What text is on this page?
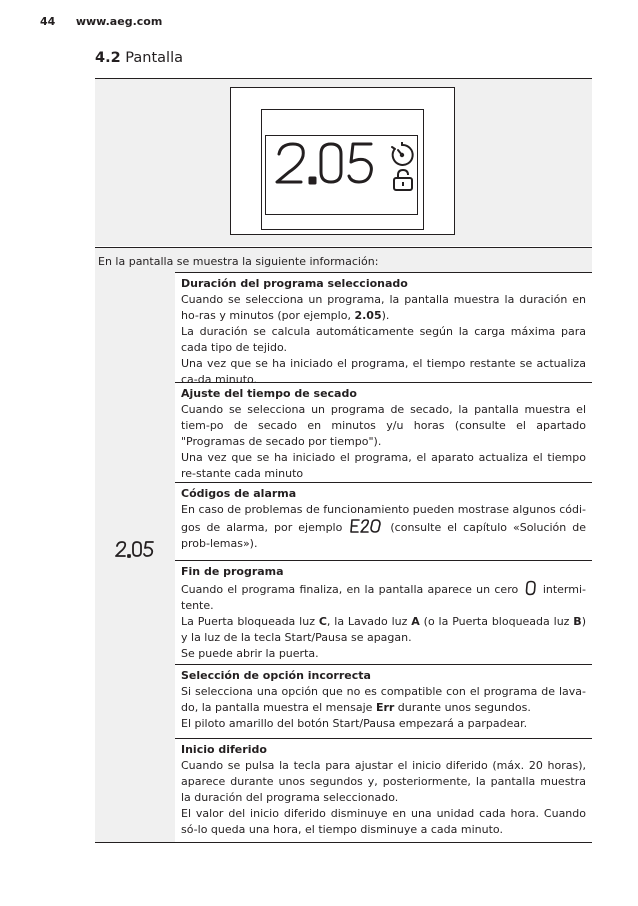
44 www.aeg.com
4.2 Pantalla
En la pantalla se muestra la siguiente información:
Duración del programa seleccionado
Cuando se selecciona un programa, la pantalla muestra la duración en ho-ras y minutos (por ejemplo, 2.05).
La duración se calcula automáticamente según la carga máxima para cada tipo de tejido.
Una vez que se ha iniciado el programa, el tiempo restante se actualiza ca-da minuto.
Ajuste del tiempo de secado
Cuando se selecciona un programa de secado, la pantalla muestra el tiem-po de secado en minutos y/u horas (consulte el apartado "Programas de secado por tiempo").
Una vez que se ha iniciado el programa, el aparato actualiza el tiempo re-stante cada minuto
Códigos de alarma
En caso de problemas de funcionamiento pueden mostrase algunos códi-gos de alarma, por ejemplo	(consulte el capítulo «Solución de prob-lemas»).
Fin de programa
Cuando el programa finaliza, en la pantalla aparece un cero intermi-tente.
La Puerta bloqueada luz C, la Lavado luz A (o la Puerta bloqueada luz B) y la luz de la tecla Start/Pausa se apagan.
Se puede abrir la puerta.
Selección de opción incorrecta
Si selecciona una opción que no es compatible con el programa de lava-do, la pantalla muestra el mensaje Err durante unos segundos.
El piloto amarillo del botón Start/Pausa empezará a parpadear.
Inicio diferido
Cuando se pulsa la tecla para ajustar el inicio diferido (máx. 20 horas), aparece durante unos segundos y, posteriormente, la pantalla muestra la duración del programa seleccionado.
El valor del inicio diferido disminuye en una unidad cada hora. Cuando só-lo queda una hora, el tiempo disminuye a cada minuto.
